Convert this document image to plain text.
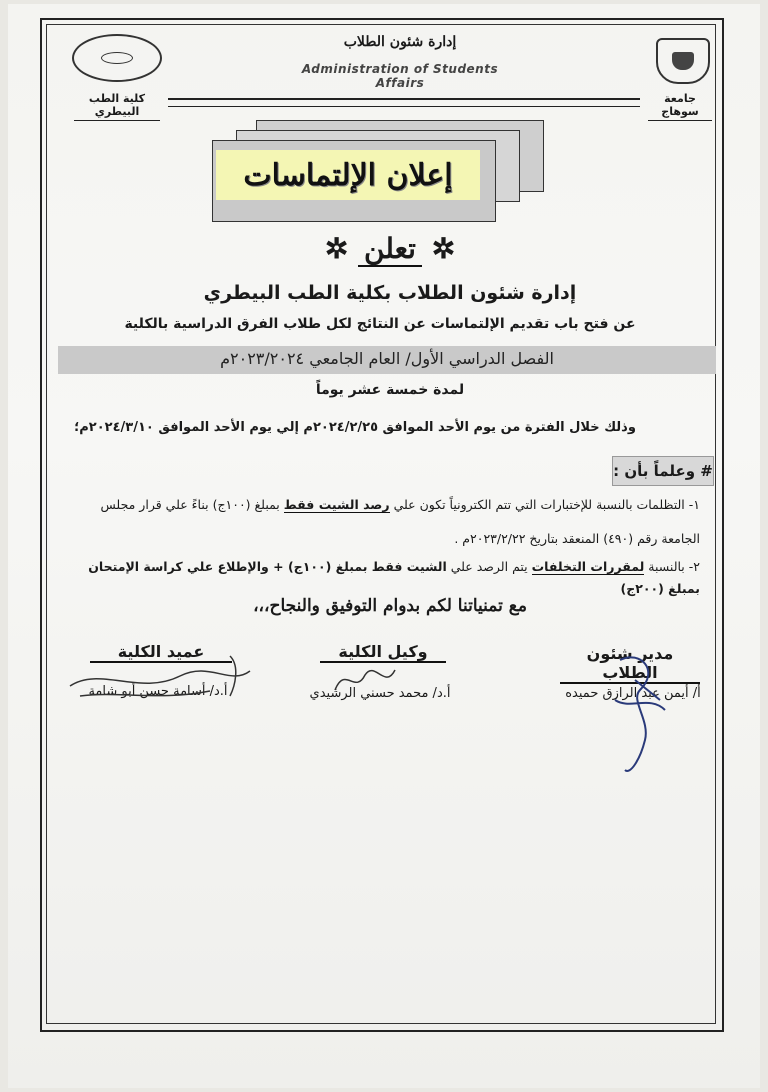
كلية الطب البيطري
جامعة سوهاج
إدارة شئون الطلاب
Administration of Students Affairs
إعلان الإلتماسات
✲ تعلن ✲
إدارة شئون الطلاب بكلية الطب البيطري
عن فتح باب تقديم الإلتماسات عن النتائج لكل طلاب الفرق الدراسية بالكلية
الفصل الدراسي الأول/ العام الجامعي ٢٠٢٣/٢٠٢٤م
لمدة خمسة عشر يوماً
وذلك خلال الفترة من يوم الأحد الموافق ٢٠٢٤/٢/٢٥م إلي يوم الأحد الموافق ٢٠٢٤/٣/١٠م؛
# وعلماً بأن :
١- التظلمات بالنسبة للإختبارات التي تتم الكترونياً تكون علي رصد الشيت فقط بمبلغ (١٠٠ج) بناءً علي قرار مجلس الجامعة رقم (٤٩٠) المنعقد بتاريخ ٢٠٢٣/٢/٢٢م .
٢- بالنسبة لمقررات التخلفات يتم الرصد علي الشيت فقط بمبلغ (١٠٠ج) + والإطلاع علي كراسة الإمتحان بمبلغ (٢٠٠ج)
مع تمنياتنا لكم بدوام التوفيق والنجاح،،،
مدير شئون الطلاب
أ/ أيمن عبد الرازق حميده
وكيل الكلية
أ.د/ محمد حسني الرشيدي
عميد الكلية
أ.د/ أسامة حسن أبو شامة
